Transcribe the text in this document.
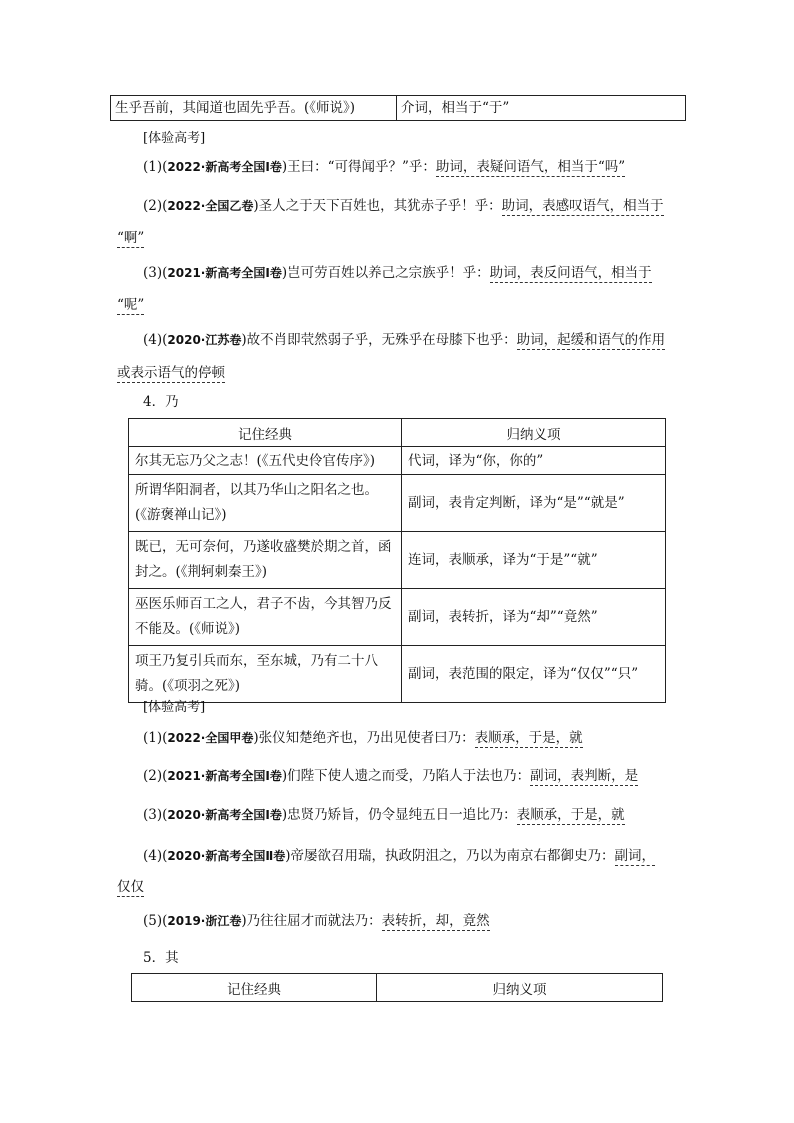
生乎吾前，其闻道也固先乎吾。(《师说》)	介词，相当于“于”
[体验高考]
(1)(2022·新高考全国Ⅰ卷)王曰：“可得闻乎？”乎：助词，表疑问语气，相当于“吗”
(2)(2022·全国乙卷)圣人之于天下百姓也，其犹赤子乎！乎：助词，表感叹语气，相当于
“啊”
(3)(2021·新高考全国Ⅰ卷)岂可劳百姓以养己之宗族乎！乎：助词，表反问语气，相当于
“呢”
(4)(2020·江苏卷)故不肖即茕然弱子乎，无殊乎在母膝下也乎：助词，起缓和语气的作用
或表示语气的停顿
4．乃
记住经典	归纳义项
尔其无忘乃父之志！(《五代史伶官传序》)	代词，译为“你，你的”
所谓华阳洞者，以其乃华山之阳名之也。(《游褒禅山记》)	副词，表肯定判断，译为“是”“就是”
既已，无可奈何，乃遂收盛樊於期之首，函封之。(《荆轲刺秦王》)	连词，表顺承，译为“于是”“就”
巫医乐师百工之人，君子不齿，今其智乃反不能及。(《师说》)	副词，表转折，译为“却”“竟然”
项王乃复引兵而东，至东城，乃有二十八骑。(《项羽之死》)	副词，表范围的限定，译为“仅仅”“只”
[体验高考]
(1)(2022·全国甲卷)张仪知楚绝齐也，乃出见使者曰乃：表顺承，于是，就
(2)(2021·新高考全国Ⅰ卷)们陛下使人遗之而受，乃陷人于法也乃：副词，表判断，是
(3)(2020·新高考全国Ⅰ卷)忠贤乃矫旨，仍令显纯五日一追比乃：表顺承，于是，就
(4)(2020·新高考全国Ⅱ卷)帝屡欲召用瑞，执政阴沮之，乃以为南京右都御史乃：副词，
仅仅
(5)(2019·浙江卷)乃往往屈才而就法乃：表转折，却，竟然
5．其
记住经典	归纳义项
